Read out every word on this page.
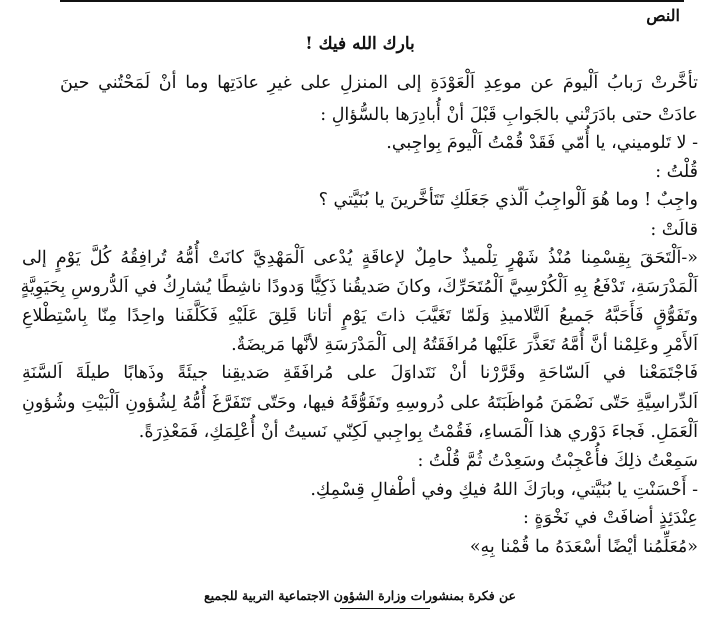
النص
بارك الله فيك !
تأخَّرتْ رَبابُ اَلْيومَ عن موعِدِ اَلْعَوْدَةِ إلى المنزلِ على غيرِ عادَتِها وما أنْ لَمَحْتُني حينَ
عادَتْ حتى بادَرَتْني بالجَوابِ قَبْلَ أنْ أُبادِرَها بالسُّؤالِ :
- لا تَلوميني، يا أُمّي فَقَدْ قُمْتُ اَلْيومَ بِواجِبي.
قُلْتُ :
واجِبٌ ! وما هُوَ اَلْواجِبُ اَلّذي جَعَلَكِ تَتَأخَّرينَ يا بُنَيَّتي ؟
قالَتْ :
«-اَلْتَحَقَ بِقِسْمِنا مُنْذُ شَهْرٍ تِلْميذٌ حامِلٌ لإعاقَةٍ يُدْعى اَلْمَهْدِيَّ كانَتْ أُمُّهُ تُرافِقُهُ كُلَّ يَوْمٍ إلى
اَلْمَدْرَسَةِ، تَدْفَعُ بِهِ اَلْكُرْسِيَّ اَلْمُتَحَرِّكَ، وكانَ صَديقُنا ذَكِيًّا وَدودًا ناشِطًا يُشارِكُ في اَلدُّروسِ بِحَيَوِيَّةٍ
وتَفَوُّقٍ فَأَحَبَّهُ جَميعُ اَلتَّلاميذِ وَلَمّا تَغَيَّبَ ذاتَ يَوْمٍ أتانا قَلِقَ عَلَيْهِ فَكَلَّفَنا واحِدًا مِنّا بِاسْتِطْلاعِ
اَلأَمْرِ وعَلِمْنا أنَّ أُمَّهُ تَعَذَّرَ عَلَيْها مُرافَقَتُهُ إلى اَلْمَدْرَسَةِ لأنَّها مَريضَةٌ.
فَاجْتَمَعْنا في اَلسّاحَةِ وقَرَّرْنا أنْ نَتَداوَلَ على مُرافَقَةِ صَديقِنا جيئَةً وذَهابًا طيلَةَ اَلسَّنَةِ
اَلدِّراسِيَّةِ حَتّى نَضْمَنَ مُواظَبَتَهُ على دُروسِهِ وتَفَوُّقَهُ فيها، وحَتّى تَتَفَرَّغَ أُمُّهُ لِشُؤونِ اَلْبَيْتِ وشُؤونِ
اَلْعَمَلِ. فَجاءَ دَوْري هذا اَلْمَساءِ، فَقُمْتُ بِواجِبي لَكِنّي نَسيتُ أنْ أُعْلِمَكِ، فَمَعْذِرَةً.
سَمِعْتُ ذلِكَ فأُعْجِبْتُ وسَعِدْتُ ثُمَّ قُلْتُ :
- أَحْسَنْتِ يا بُنَيَّتي، وبارَكَ اللهُ فيكِ وفي أطْفالِ قِسْمِكِ.
عِنْدَئِذٍ أضافَتْ في نَخْوَةٍ :
«مُعَلِّمُنا أيْضًا أسْعَدَهُ ما قُمْنا بِهِ»
عن فكرة بمنشورات وزارة الشؤون الاجتماعية التربية للجميع
